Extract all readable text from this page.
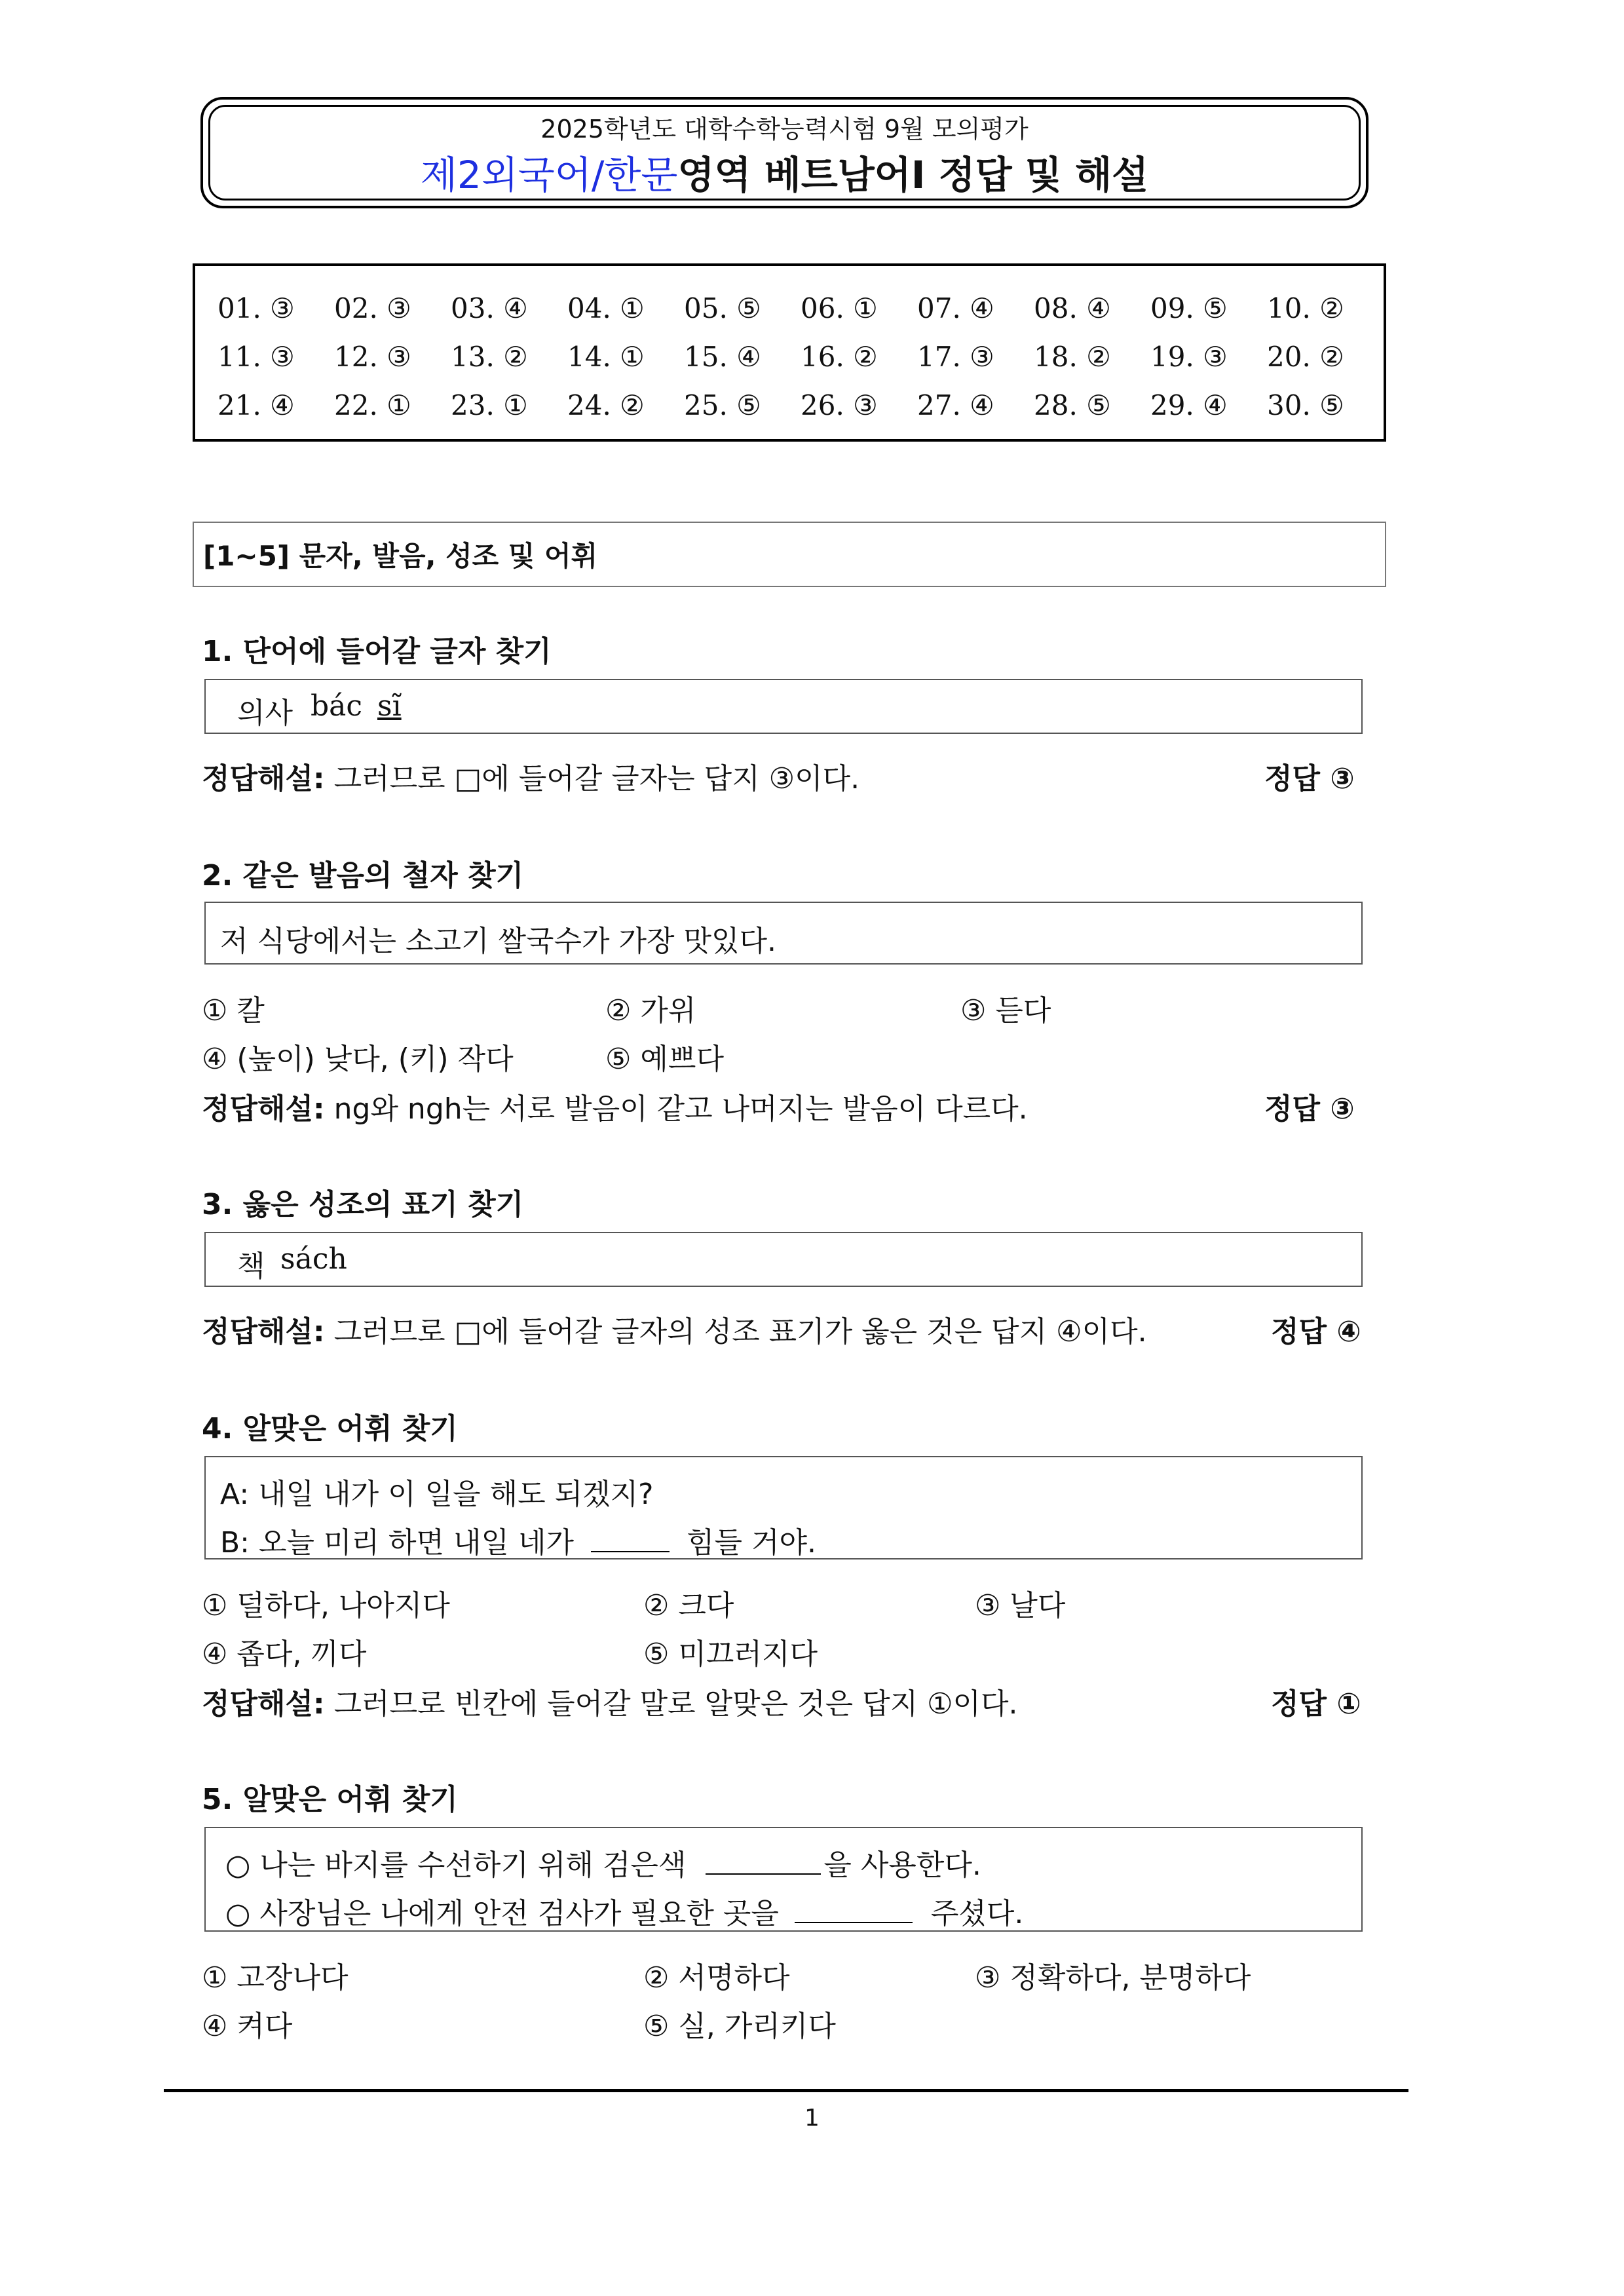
2025학년도 대학수학능력시험 9월 모의평가
제2외국어/한문영역 베트남어Ⅰ 정답 및 해설
01. ③ 02. ③ 03. ④ 04. ① 05. ⑤ 06. ① 07. ④ 08. ④ 09. ⑤ 10. ②
11. ③ 12. ③ 13. ② 14. ① 15. ④ 16. ② 17. ③ 18. ② 19. ③ 20. ②
21. ④ 22. ① 23. ① 24. ② 25. ⑤ 26. ③ 27. ④ 28. ⑤ 29. ④ 30. ⑤
[1~5] 문자, 발음, 성조 및 어휘
1. 단어에 들어갈 글자 찾기
의사 bác sĩ
정답해설: 그러므로 □에 들어갈 글자는 답지 ③이다.	정답 ③
2. 같은 발음의 철자 찾기
저 식당에서는 소고기 쌀국수가 가장 맛있다.
① 칼	② 가위	③ 듣다
④ (높이) 낮다, (키) 작다	⑤ 예쁘다
정답해설: ng와 ngh는 서로 발음이 같고 나머지는 발음이 다르다.	정답 ③
3. 옳은 성조의 표기 찾기
책 sách
정답해설: 그러므로 □에 들어갈 글자의 성조 표기가 옳은 것은 답지 ④이다.	정답 ④
4. 알맞은 어휘 찾기
A: 내일 내가 이 일을 해도 되겠지?
B: 오늘 미리 하면 내일 네가	힘들 거야.
① 덜하다, 나아지다	② 크다	③ 날다
④ 좁다, 끼다	⑤ 미끄러지다
정답해설: 그러므로 빈칸에 들어갈 말로 알맞은 것은 답지 ①이다.	정답 ①
5. 알맞은 어휘 찾기
○ 나는 바지를 수선하기 위해 검은색	을 사용한다.
○ 사장님은 나에게 안전 검사가 필요한 곳을	주셨다.
① 고장나다	② 서명하다	③ 정확하다, 분명하다
④ 켜다	⑤ 실, 가리키다
1
